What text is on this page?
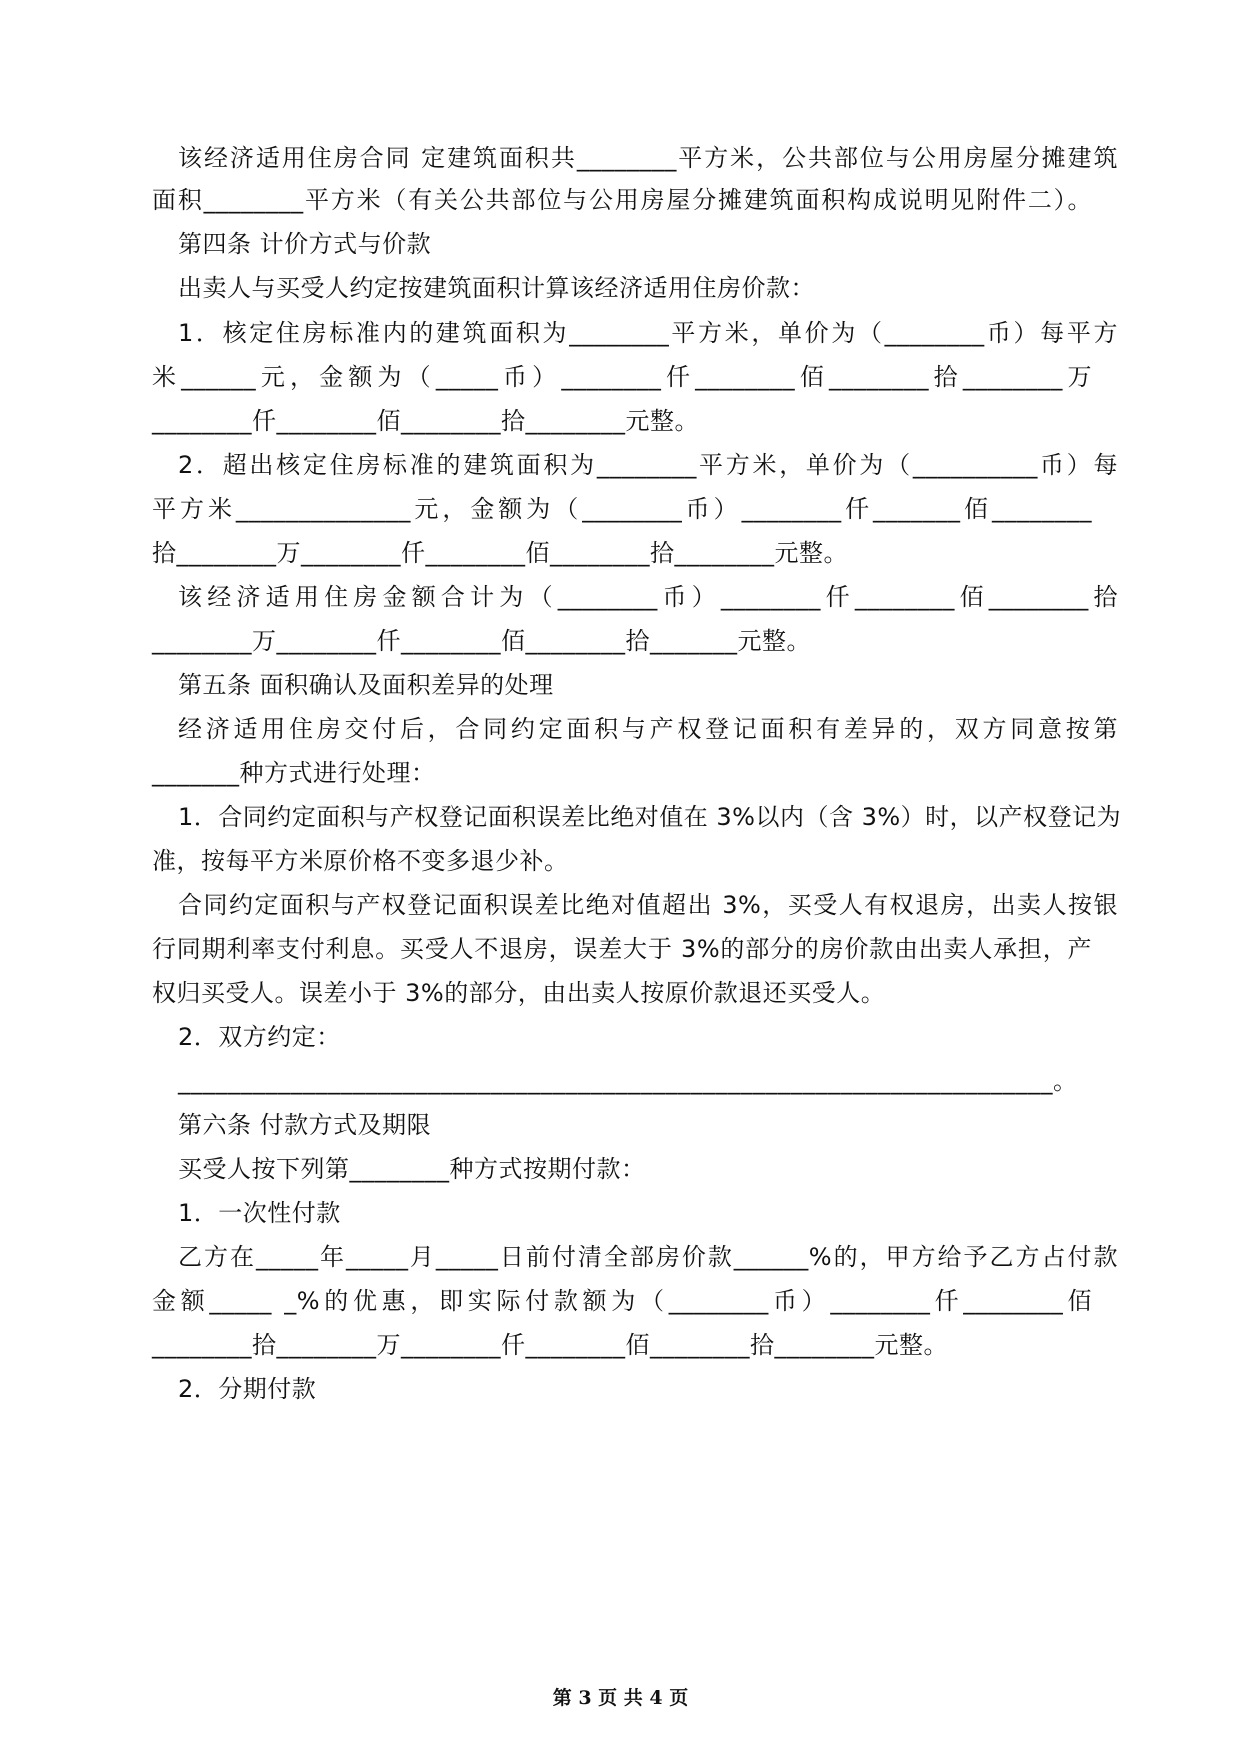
该经济适用住房合同 定建筑面积共________平方米，公共部位与公用房屋分摊建筑
面积________平方米（有关公共部位与公用房屋分摊建筑面积构成说明见附件二）。
第四条 计价方式与价款
出卖人与买受人约定按建筑面积计算该经济适用住房价款：
1．核定住房标准内的建筑面积为________平方米，单价为（________币）每平方
米______元，金额为（_____币）________仟________佰________拾________万
________仟________佰________拾________元整。
2．超出核定住房标准的建筑面积为________平方米，单价为（__________币）每
平方米______________元，金额为（________币）________仟_______佰________
拾________万________仟________佰________拾________元整。
该经济适用住房金额合计为（________币）________仟________佰________拾
________万________仟________佰________拾_______元整。
第五条 面积确认及面积差异的处理
经济适用住房交付后，合同约定面积与产权登记面积有差异的，双方同意按第
_______种方式进行处理：
1．合同约定面积与产权登记面积误差比绝对值在 3%以内（含 3%）时，以产权登记为
准，按每平方米原价格不变多退少补。
合同约定面积与产权登记面积误差比绝对值超出 3%，买受人有权退房，出卖人按银
行同期利率支付利息。买受人不退房，误差大于 3%的部分的房价款由出卖人承担，产
权归买受人。误差小于 3%的部分，由出卖人按原价款退还买受人。
2．双方约定：
______________________________________________________________________。
第六条 付款方式及期限
买受人按下列第________种方式按期付款：
1．一次性付款
乙方在_____年_____月_____日前付清全部房价款______%的，甲方给予乙方占付款
金额_____ _%的优惠，即实际付款额为（________币）________仟________佰
________拾________万________仟________佰________拾________元整。
2．分期付款
第 3 页 共 4 页
